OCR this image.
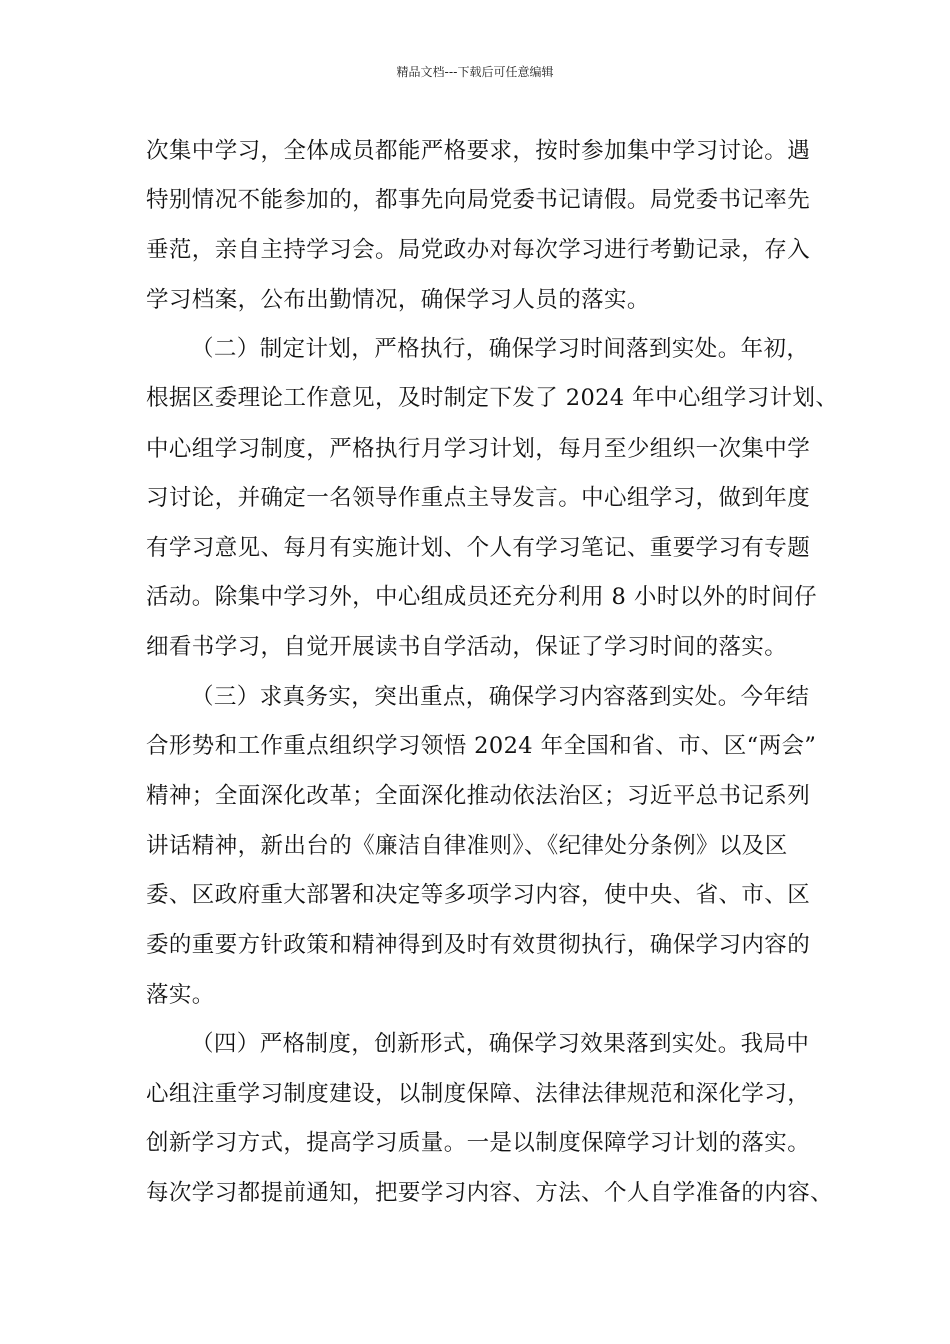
精品文档---下载后可任意编辑
次集中学习，全体成员都能严格要求，按时参加集中学习讨论。遇
特别情况不能参加的，都事先向局党委书记请假。局党委书记率先
垂范，亲自主持学习会。局党政办对每次学习进行考勤记录，存入
学习档案，公布出勤情况，确保学习人员的落实。
（二）制定计划，严格执行，确保学习时间落到实处。年初，
根据区委理论工作意见，及时制定下发了 2024 年中心组学习计划、
中心组学习制度，严格执行月学习计划，每月至少组织一次集中学
习讨论，并确定一名领导作重点主导发言。中心组学习，做到年度
有学习意见、每月有实施计划、个人有学习笔记、重要学习有专题
活动。除集中学习外，中心组成员还充分利用 8 小时以外的时间仔
细看书学习，自觉开展读书自学活动，保证了学习时间的落实。
（三）求真务实，突出重点，确保学习内容落到实处。今年结
合形势和工作重点组织学习领悟 2024 年全国和省、市、区“两会”
精神；全面深化改革；全面深化推动依法治区；习近平总书记系列
讲话精神，新出台的《廉洁自律准则》、《纪律处分条例》以及区
委、区政府重大部署和决定等多项学习内容，使中央、省、市、区
委的重要方针政策和精神得到及时有效贯彻执行，确保学习内容的
落实。
（四）严格制度，创新形式，确保学习效果落到实处。我局中
心组注重学习制度建设，以制度保障、法律法律规范和深化学习，
创新学习方式，提高学习质量。一是以制度保障学习计划的落实。
每次学习都提前通知，把要学习内容、方法、个人自学准备的内容、
